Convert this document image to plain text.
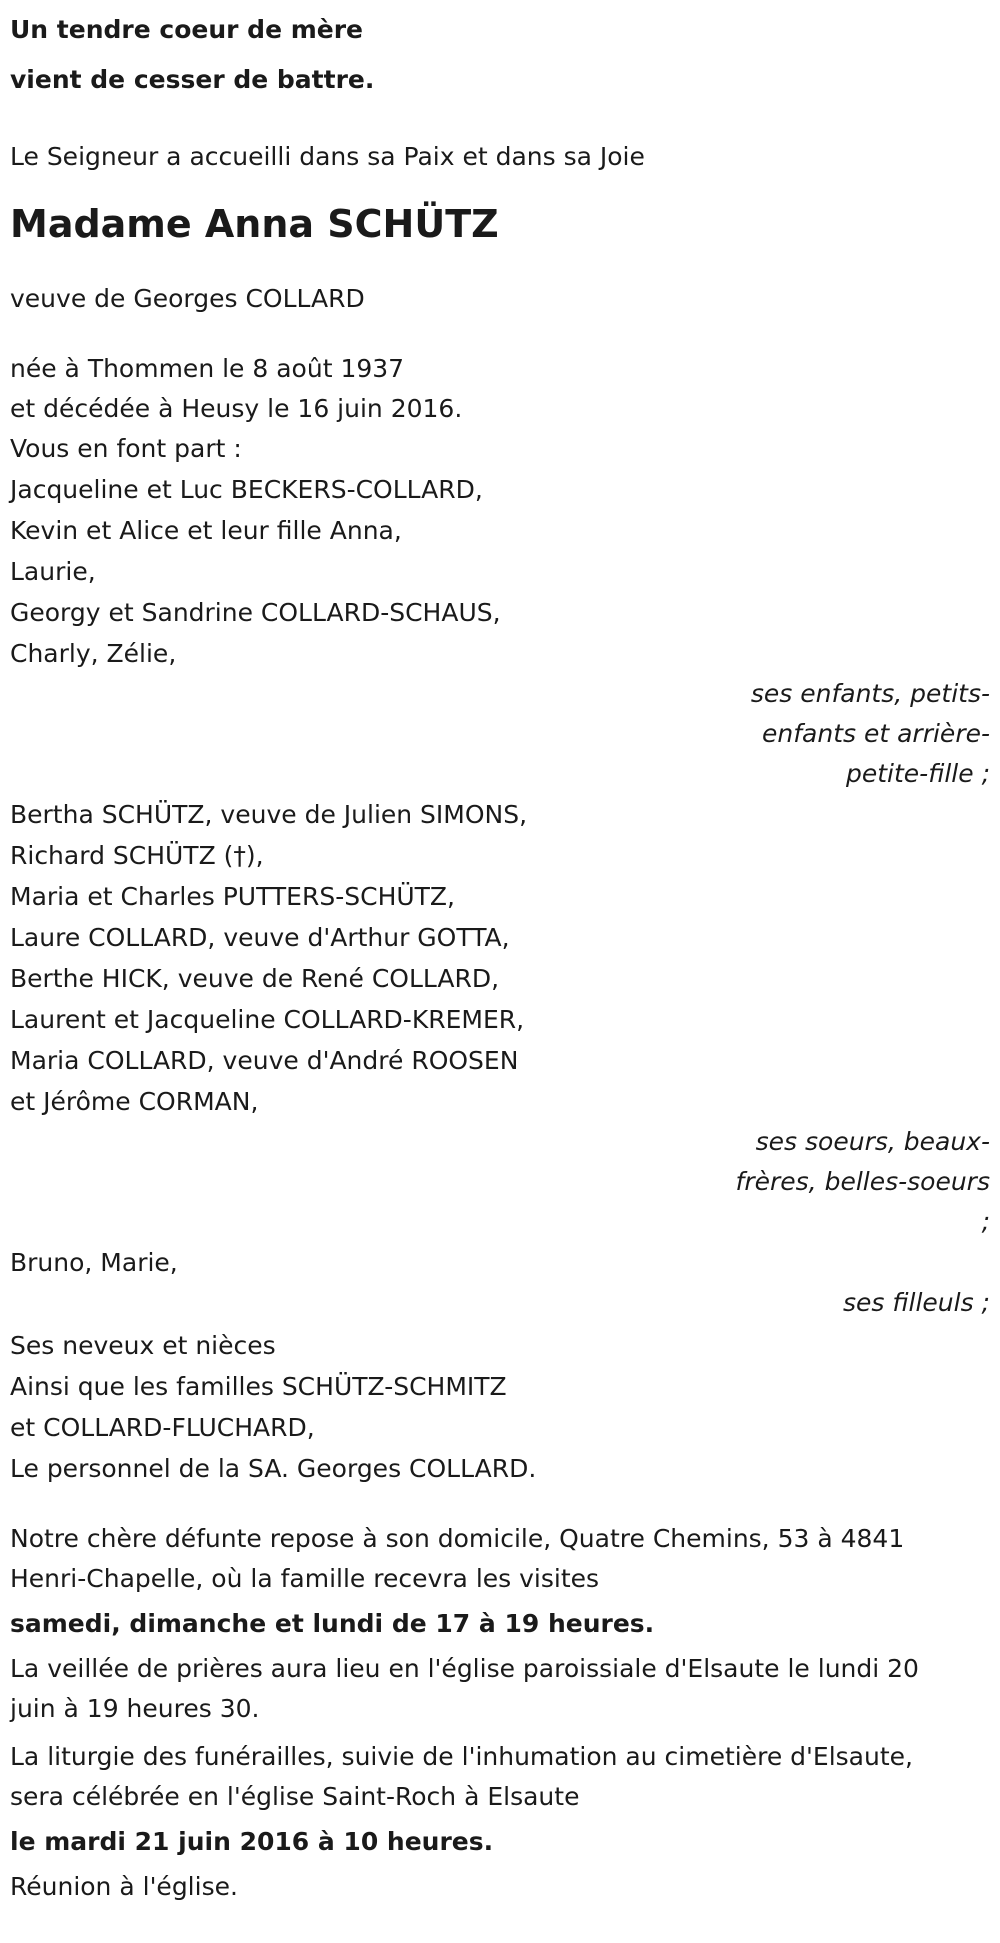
Un tendre coeur de mère
vient de cesser de battre.
Le Seigneur a accueilli dans sa Paix et dans sa Joie
Madame Anna SCHÜTZ
veuve de Georges COLLARD
née à Thommen le 8 août 1937
et décédée à Heusy le 16 juin 2016.
Vous en font part :
Jacqueline et Luc BECKERS-COLLARD,
Kevin et Alice et leur fille Anna,
Laurie,
Georgy et Sandrine COLLARD-SCHAUS,
Charly, Zélie,
ses enfants, petits-
enfants et arrière-
petite-fille ;
Bertha SCHÜTZ, veuve de Julien SIMONS,
Richard SCHÜTZ (†),
Maria et Charles PUTTERS-SCHÜTZ,
Laure COLLARD, veuve d'Arthur GOTTA,
Berthe HICK, veuve de René COLLARD,
Laurent et Jacqueline COLLARD-KREMER,
Maria COLLARD, veuve d'André ROOSEN
et Jérôme CORMAN,
ses soeurs, beaux-
frères, belles-soeurs
;
Bruno, Marie,
ses filleuls ;
Ses neveux et nièces
Ainsi que les familles SCHÜTZ-SCHMITZ
et COLLARD-FLUCHARD,
Le personnel de la SA. Georges COLLARD.
Notre chère défunte repose à son domicile, Quatre Chemins, 53 à 4841
Henri-Chapelle, où la famille recevra les visites
samedi, dimanche et lundi de 17 à 19 heures.
La veillée de prières aura lieu en l'église paroissiale d'Elsaute le lundi 20
juin à 19 heures 30.
La liturgie des funérailles, suivie de l'inhumation au cimetière d'Elsaute,
sera célébrée en l'église Saint-Roch à Elsaute
le mardi 21 juin 2016 à 10 heures.
Réunion à l'église.
